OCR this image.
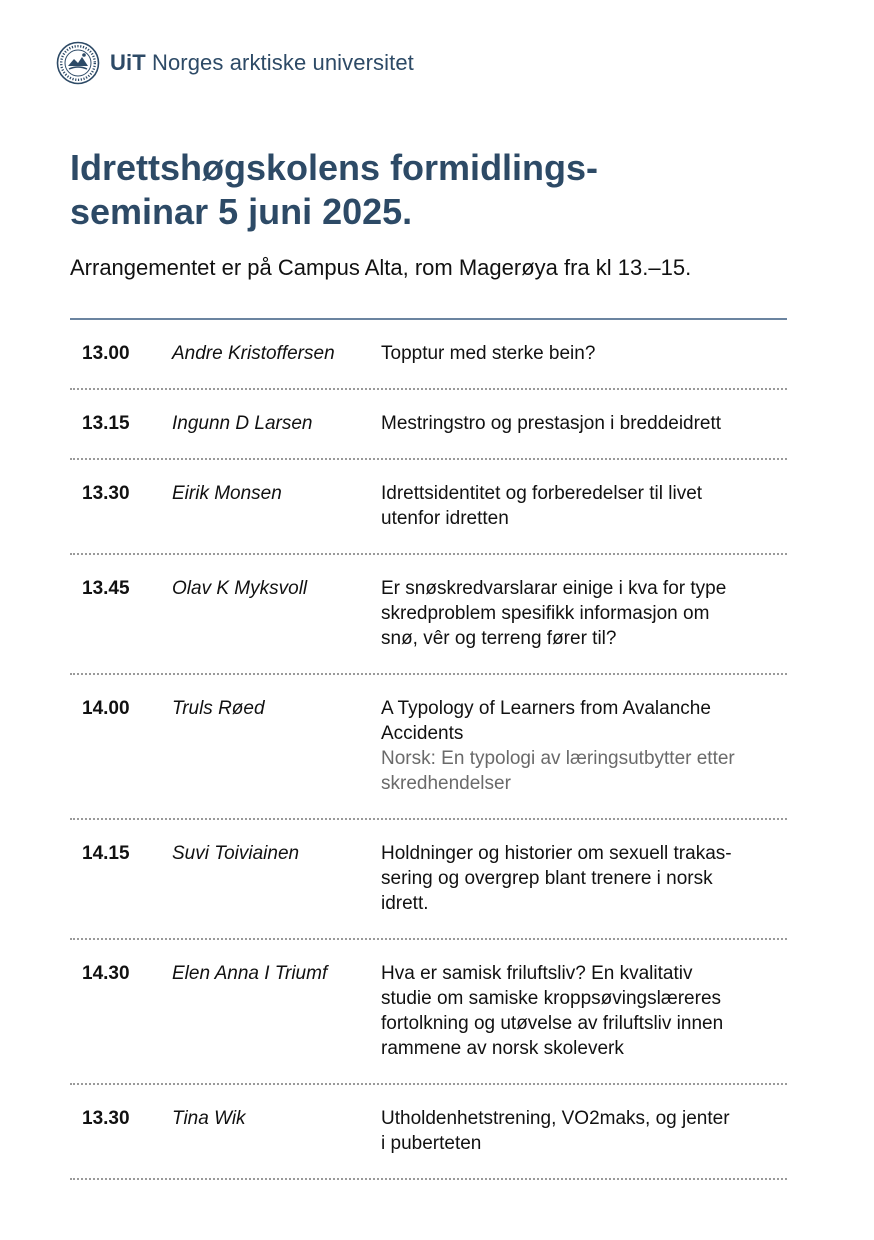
UiT Norges arktiske universitet
Idrettshøgskolens formidlings-
seminar 5 juni 2025.

Arrangementet er på Campus Alta, rom Magerøya fra kl 13.–15.

13.00	Andre Kristoffersen	Topptur med sterke bein?
13.15	Ingunn D Larsen	Mestringstro og prestasjon i breddeidrett
13.30	Eirik Monsen	Idrettsidentitet og forberedelser til livet
utenfor idretten
13.45	Olav K Myksvoll	Er snøskredvarslarar einige i kva for type
skredproblem spesifikk informasjon om
snø, vêr og terreng fører til?
14.00	Truls Røed	A Typology of Learners from Avalanche
Accidents
Norsk: En typologi av læringsutbytter etter
skredhendelser
14.15	Suvi Toiviainen	Holdninger og historier om sexuell trakas-
sering og overgrep blant trenere i norsk
idrett.
14.30	Elen Anna I Triumf	Hva er samisk friluftsliv? En kvalitativ
studie om samiske kroppsøvingslæreres
fortolkning og utøvelse av friluftsliv innen
rammene av norsk skoleverk
13.30	Tina Wik	Utholdenhetstrening, VO2maks, og jenter
i puberteten
